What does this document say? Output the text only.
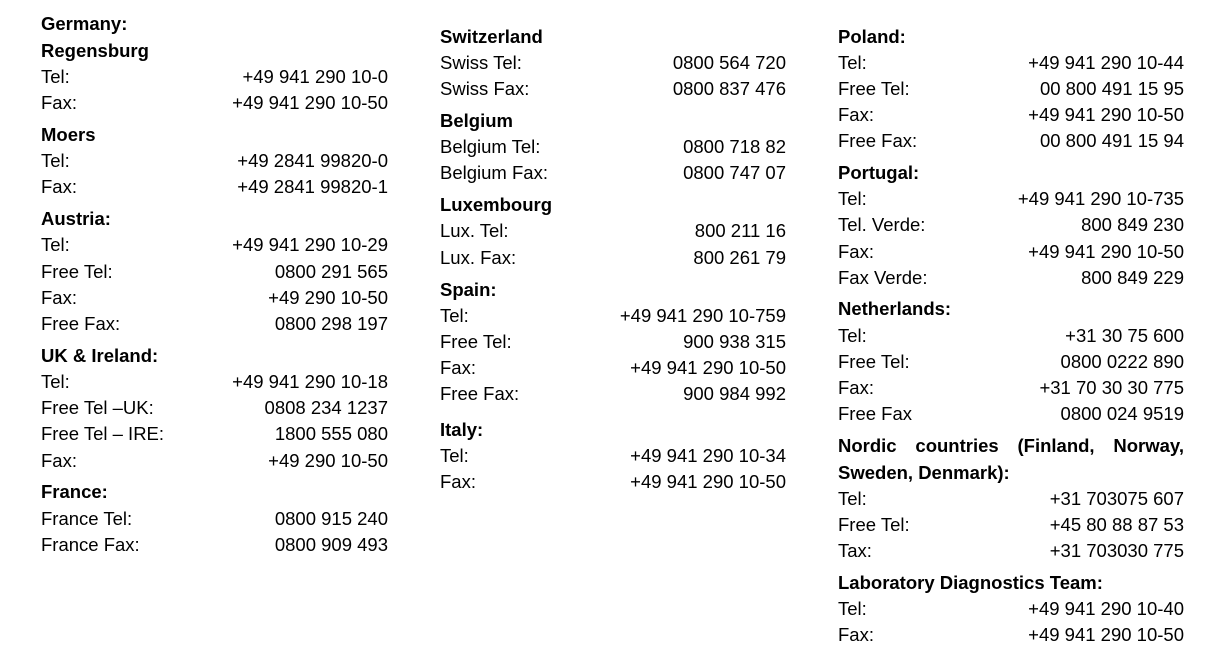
Germany:
Regensburg
Tel:	+49 941 290 10-0
Fax:	+49 941 290 10-50
Moers
Tel:	+49 2841 99820-0
Fax:	+49 2841 99820-1
Austria:
Tel:	+49 941 290 10-29
Free Tel:	0800 291 565
Fax:	+49 290 10-50
Free Fax:	0800 298 197
UK & Ireland:
Tel:	+49 941 290 10-18
Free Tel –UK:	0808 234 1237
Free Tel – IRE:	1800 555 080
Fax:	+49 290 10-50
France:
France Tel:	0800 915 240
France Fax:	0800 909 493
Switzerland
Swiss Tel:	0800 564 720
Swiss Fax:	0800 837 476
Belgium
Belgium Tel:	0800 718 82
Belgium Fax:	0800 747 07
Luxembourg
Lux. Tel:	800 211 16
Lux. Fax:	800 261 79
Spain:
Tel:	+49 941 290 10-759
Free Tel:	900 938 315
Fax:	+49 941 290 10-50
Free Fax:	900 984 992
Italy:
Tel:	+49 941 290 10-34
Fax:	+49 941 290 10-50
Poland:
Tel:	+49 941 290 10-44
Free Tel:	00 800 491 15 95
Fax:	+49 941 290 10-50
Free Fax:	00 800 491 15 94
Portugal:
Tel:	+49 941 290 10-735
Tel. Verde:	800 849 230
Fax:	+49 941 290 10-50
Fax Verde:	800 849 229
Netherlands:
Tel:	+31 30 75 600
Free Tel:	0800 0222 890
Fax:	+31 70 30 30 775
Free Fax	0800 024 9519
Nordic countries (Finland, Norway,
Sweden, Denmark):
Tel:	+31 703075 607
Free Tel:	+45 80 88 87 53
Tax:	+31 703030 775
Laboratory Diagnostics Team:
Tel:	+49 941 290 10-40
Fax:	+49 941 290 10-50
